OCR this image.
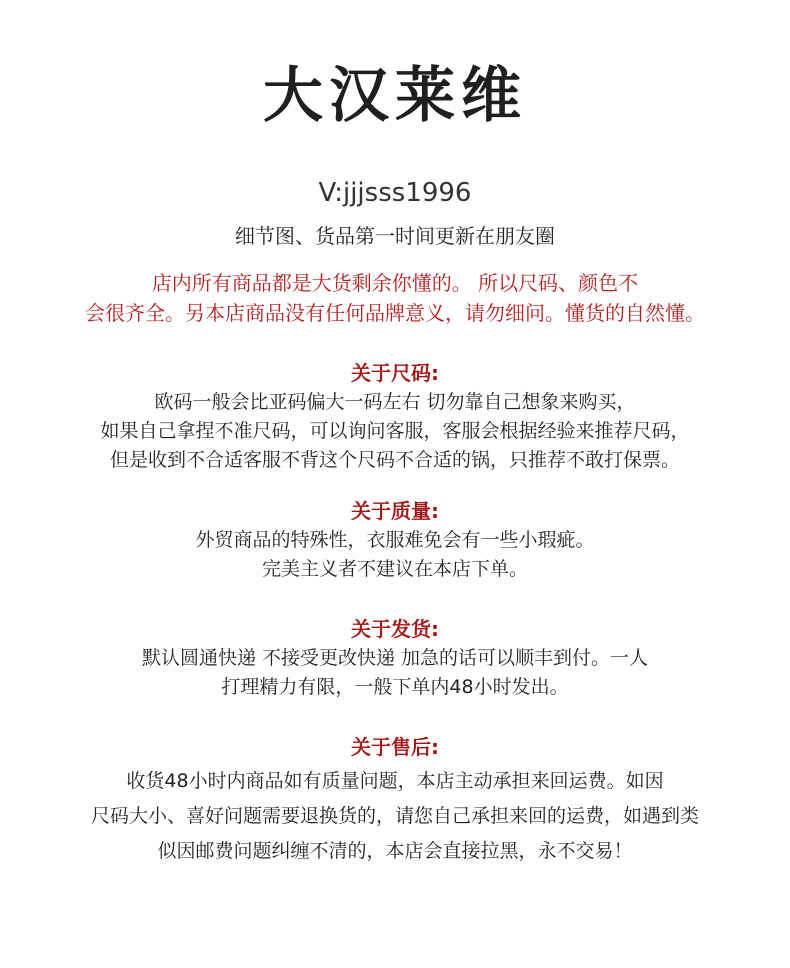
大汉莱维
V:jjjsss1996
细节图、货品第一时间更新在朋友圈
店内所有商品都是大货剩余你懂的。 所以尺码、颜色不
会很齐全。另本店商品没有任何品牌意义，请勿细问。懂货的自然懂。
关于尺码:
欧码一般会比亚码偏大一码左右 切勿靠自己想象来购买，
如果自己拿捏不准尺码，可以询问客服，客服会根据经验来推荐尺码，
但是收到不合适客服不背这个尺码不合适的锅，只推荐不敢打保票。
关于质量:
外贸商品的特殊性，衣服难免会有一些小瑕疵。
完美主义者不建议在本店下单。
关于发货:
默认圆通快递 不接受更改快递 加急的话可以顺丰到付。一人
打理精力有限，一般下单内48小时发出。
关于售后:
收货48小时内商品如有质量问题，本店主动承担来回运费。如因
尺码大小、喜好问题需要退换货的，请您自己承担来回的运费，如遇到类
似因邮费问题纠缠不清的，本店会直接拉黑，永不交易！
